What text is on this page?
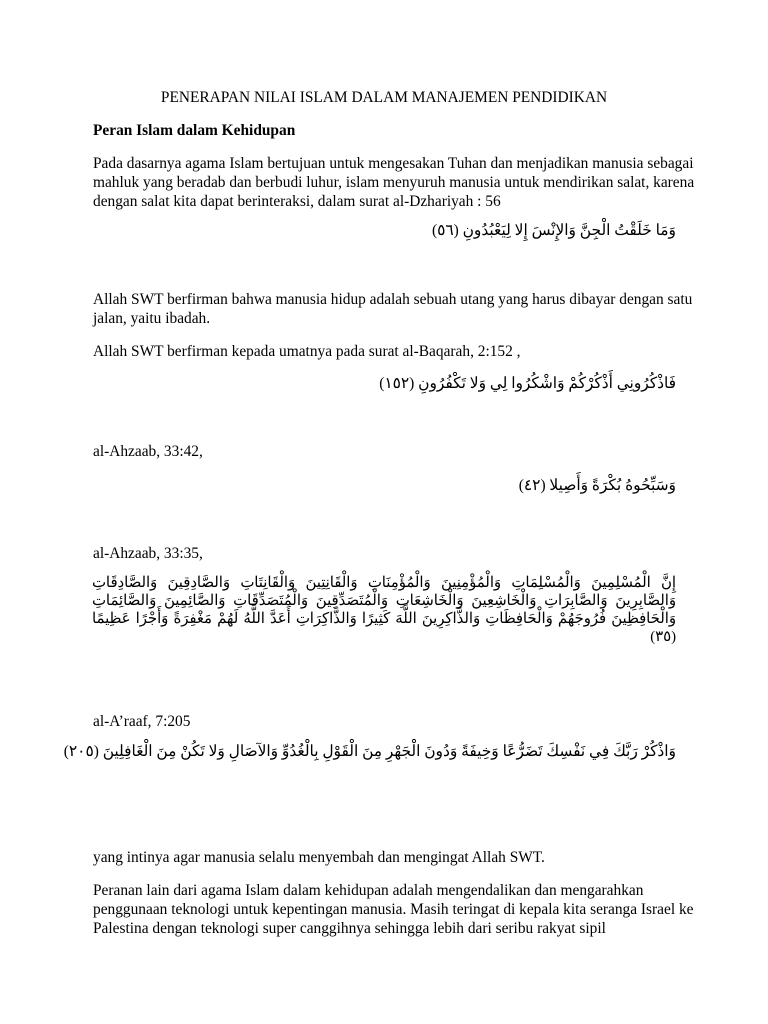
PENERAPAN NILAI ISLAM DALAM MANAJEMEN PENDIDIKAN
Peran Islam dalam Kehidupan
Pada dasarnya agama Islam bertujuan untuk mengesakan Tuhan dan menjadikan manusia sebagai mahluk yang beradab dan berbudi luhur, islam menyuruh manusia untuk mendirikan salat, karena dengan salat kita dapat berinteraksi, dalam surat al-Dzhariyah : 56
وَمَا خَلَقْتُ الْجِنَّ وَالإِنْسَ إِلا لِيَعْبُدُونِ (٥٦)
Allah SWT berfirman bahwa manusia hidup adalah sebuah utang yang harus dibayar dengan satu jalan, yaitu ibadah.
Allah SWT berfirman kepada umatnya pada surat al-Baqarah, 2:152 ,
فَاذْكُرُونِي أَذْكُرْكُمْ وَاشْكُرُوا لِي وَلا تَكْفُرُونِ (١٥٢)
al-Ahzaab, 33:42,
وَسَبِّحُوهُ بُكْرَةً وَأَصِيلا (٤٢)
al-Ahzaab, 33:35,
إِنَّ الْمُسْلِمِينَ وَالْمُسْلِمَاتِ وَالْمُؤْمِنِينَ وَالْمُؤْمِنَاتِ وَالْقَانِتِينَ وَالْقَانِتَاتِ وَالصَّادِقِينَ وَالصَّادِقَاتِ وَالصَّابِرِينَ وَالصَّابِرَاتِ وَالْخَاشِعِينَ وَالْخَاشِعَاتِ وَالْمُتَصَدِّقِينَ وَالْمُتَصَدِّقَاتِ وَالصَّائِمِينَ وَالصَّائِمَاتِ وَالْحَافِظِينَ فُرُوجَهُمْ وَالْحَافِظَاتِ وَالذَّاكِرِينَ اللَّهَ كَثِيرًا وَالذَّاكِرَاتِ أَعَدَّ اللَّهُ لَهُمْ مَغْفِرَةً وَأَجْرًا عَظِيمًا (٣٥)
al-A’raaf, 7:205
وَاذْكُرْ رَبَّكَ فِي نَفْسِكَ تَضَرُّعًا وَخِيفَةً وَدُونَ الْجَهْرِ مِنَ الْقَوْلِ بِالْغُدُوِّ وَالآصَالِ وَلا تَكُنْ مِنَ الْغَافِلِينَ (٢٠٥)
yang intinya agar manusia selalu menyembah dan mengingat Allah SWT.
Peranan lain dari agama Islam dalam kehidupan adalah mengendalikan dan mengarahkan penggunaan teknologi untuk kepentingan manusia. Masih teringat di kepala kita seranga Israel ke Palestina dengan teknologi super canggihnya sehingga lebih dari seribu rakyat sipil
